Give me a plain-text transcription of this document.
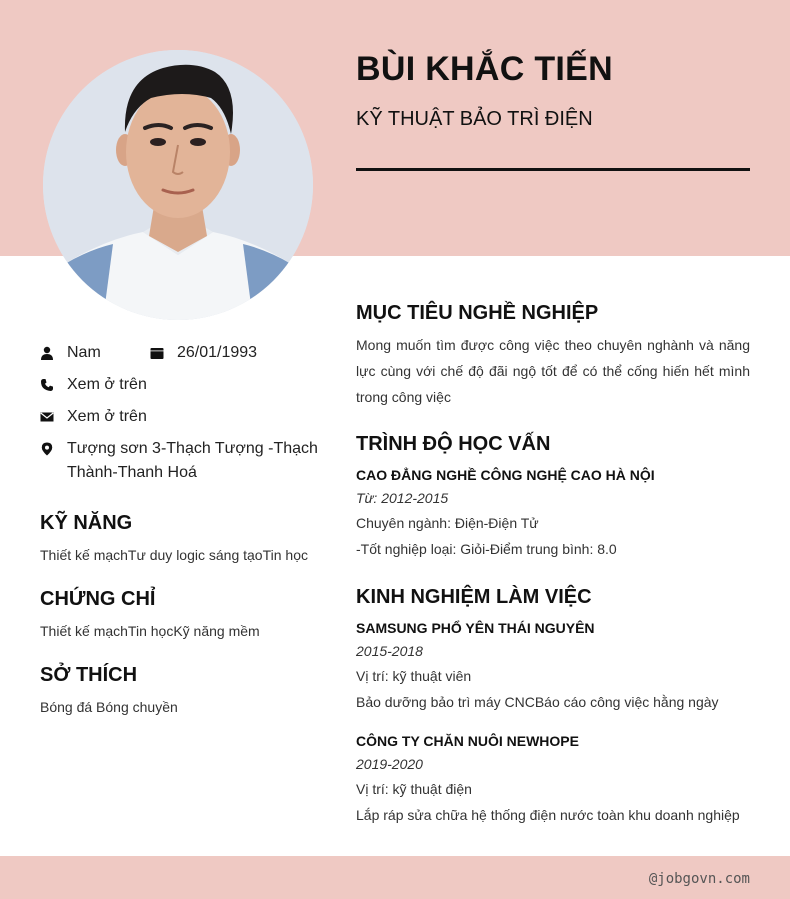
BÙI KHẮC TIẾN
KỸ THUẬT BẢO TRÌ ĐIỆN
Nam	26/01/1993
Xem ở trên
Xem ở trên
Tượng sơn 3-Thạch Tượng -Thạch Thành-Thanh Hoá
KỸ NĂNG
Thiết kế mạchTư duy logic sáng tạoTin học
CHỨNG CHỈ
Thiết kế mạchTin họcKỹ năng mềm
SỞ THÍCH
Bóng đá Bóng chuyền
MỤC TIÊU NGHỀ NGHIỆP
Mong muốn tìm được công việc theo chuyên nghành và năng lực cùng với chế độ đãi ngộ tốt để có thể cống hiến hết mình trong công việc
TRÌNH ĐỘ HỌC VẤN
CAO ĐẲNG NGHỀ CÔNG NGHỆ CAO HÀ NỘI
Từ: 2012-2015
Chuyên ngành: Điện-Điện Tử
-Tốt nghiệp loại: Giỏi-Điểm trung bình: 8.0
KINH NGHIỆM LÀM VIỆC
SAMSUNG PHỔ YÊN THÁI NGUYÊN
2015-2018
Vị trí: kỹ thuật viên
Bảo dưỡng bảo trì máy CNCBáo cáo công việc hằng ngày
CÔNG TY CHĂN NUÔI NEWHOPE
2019-2020
Vị trí: kỹ thuật điện
Lắp ráp sửa chữa hệ thống điện nước toàn khu doanh nghiệp
@jobgovn.com
